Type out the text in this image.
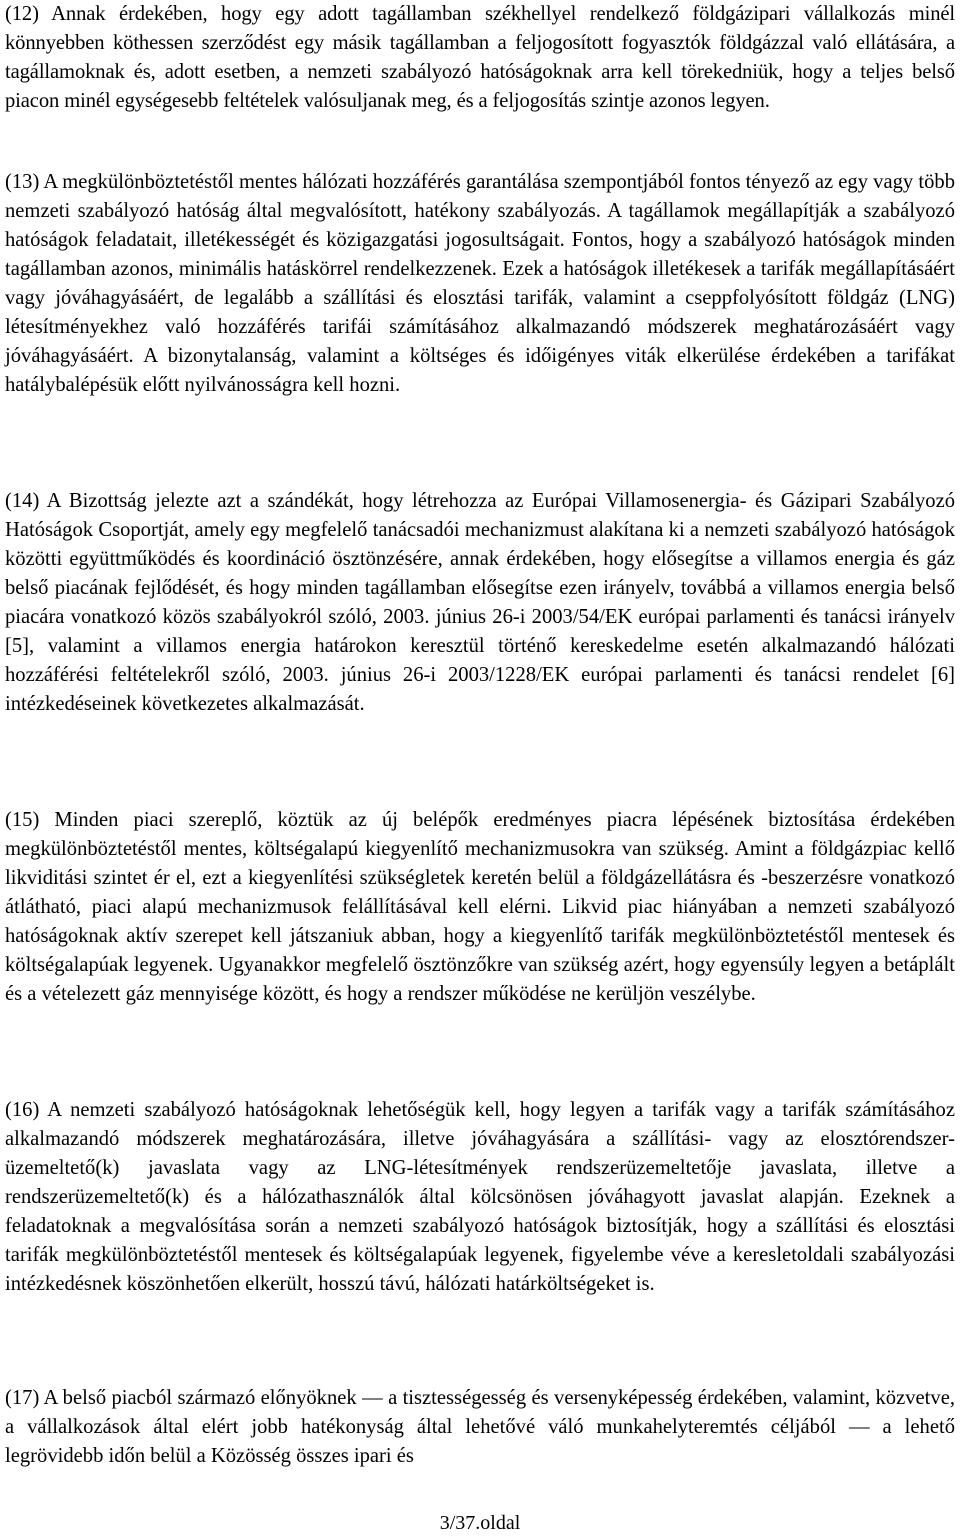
(12) Annak érdekében, hogy egy adott tagállamban székhellyel rendelkező földgázipari vállalkozás minél könnyebben köthessen szerződést egy másik tagállamban a feljogosított fogyasztók földgázzal való ellátására, a tagállamoknak és, adott esetben, a nemzeti szabályozó hatóságoknak arra kell törekedniük, hogy a teljes belső piacon minél egységesebb feltételek valósuljanak meg, és a feljogosítás szintje azonos legyen.

(13) A megkülönböztetéstől mentes hálózati hozzáférés garantálása szempontjából fontos tényező az egy vagy több nemzeti szabályozó hatóság által megvalósított, hatékony szabályozás. A tagállamok megállapítják a szabályozó hatóságok feladatait, illetékességét és közigazgatási jogosultságait. Fontos, hogy a szabályozó hatóságok minden tagállamban azonos, minimális hatáskörrel rendelkezzenek. Ezek a hatóságok illetékesek a tarifák megállapításáért vagy jóváhagyásáért, de legalább a szállítási és elosztási tarifák, valamint a cseppfolyósított földgáz (LNG) létesítményekhez való hozzáférés tarifái számításához alkalmazandó módszerek meghatározásáért vagy jóváhagyásáért. A bizonytalanság, valamint a költséges és időigényes viták elkerülése érdekében a tarifákat hatálybalépésük előtt nyilvánosságra kell hozni.

(14) A Bizottság jelezte azt a szándékát, hogy létrehozza az Európai Villamosenergia- és Gázipari Szabályozó Hatóságok Csoportját, amely egy megfelelő tanácsadói mechanizmust alakítana ki a nemzeti szabályozó hatóságok közötti együttműködés és koordináció ösztönzésére, annak érdekében, hogy elősegítse a villamos energia és gáz belső piacának fejlődését, és hogy minden tagállamban elősegítse ezen irányelv, továbbá a villamos energia belső piacára vonatkozó közös szabályokról szóló, 2003. június 26-i 2003/54/EK európai parlamenti és tanácsi irányelv [5], valamint a villamos energia határokon keresztül történő kereskedelme esetén alkalmazandó hálózati hozzáférési feltételekről szóló, 2003. június 26-i 2003/1228/EK európai parlamenti és tanácsi rendelet [6] intézkedéseinek következetes alkalmazását.

(15) Minden piaci szereplő, köztük az új belépők eredményes piacra lépésének biztosítása érdekében megkülönböztetéstől mentes, költségalapú kiegyenlítő mechanizmusokra van szükség. Amint a földgázpiac kellő likviditási szintet ér el, ezt a kiegyenlítési szükségletek keretén belül a földgázellátásra és -beszerzésre vonatkozó átlátható, piaci alapú mechanizmusok felállításával kell elérni. Likvid piac hiányában a nemzeti szabályozó hatóságoknak aktív szerepet kell játszaniuk abban, hogy a kiegyenlítő tarifák megkülönböztetéstől mentesek és költségalapúak legyenek. Ugyanakkor megfelelő ösztönzőkre van szükség azért, hogy egyensúly legyen a betáplált és a vételezett gáz mennyisége között, és hogy a rendszer működése ne kerüljön veszélybe.

(16) A nemzeti szabályozó hatóságoknak lehetőségük kell, hogy legyen a tarifák vagy a tarifák számításához alkalmazandó módszerek meghatározására, illetve jóváhagyására a szállítási- vagy az elosztórendszer-üzemeltető(k) javaslata vagy az LNG-létesítmények rendszerüzemeltetője javaslata, illetve a rendszerüzemeltető(k) és a hálózathasználók által kölcsönösen jóváhagyott javaslat alapján. Ezeknek a feladatoknak a megvalósítása során a nemzeti szabályozó hatóságok biztosítják, hogy a szállítási és elosztási tarifák megkülönböztetéstől mentesek és költségalapúak legyenek, figyelembe véve a keresletoldali szabályozási intézkedésnek köszönhetően elkerült, hosszú távú, hálózati határköltségeket is.

(17) A belső piacból származó előnyöknek — a tisztességesség és versenyképesség érdekében, valamint, közvetve, a vállalkozások által elért jobb hatékonyság által lehetővé váló munkahelyteremtés céljából — a lehető legrövidebb időn belül a Közösség összes ipari és

3/37.oldal
